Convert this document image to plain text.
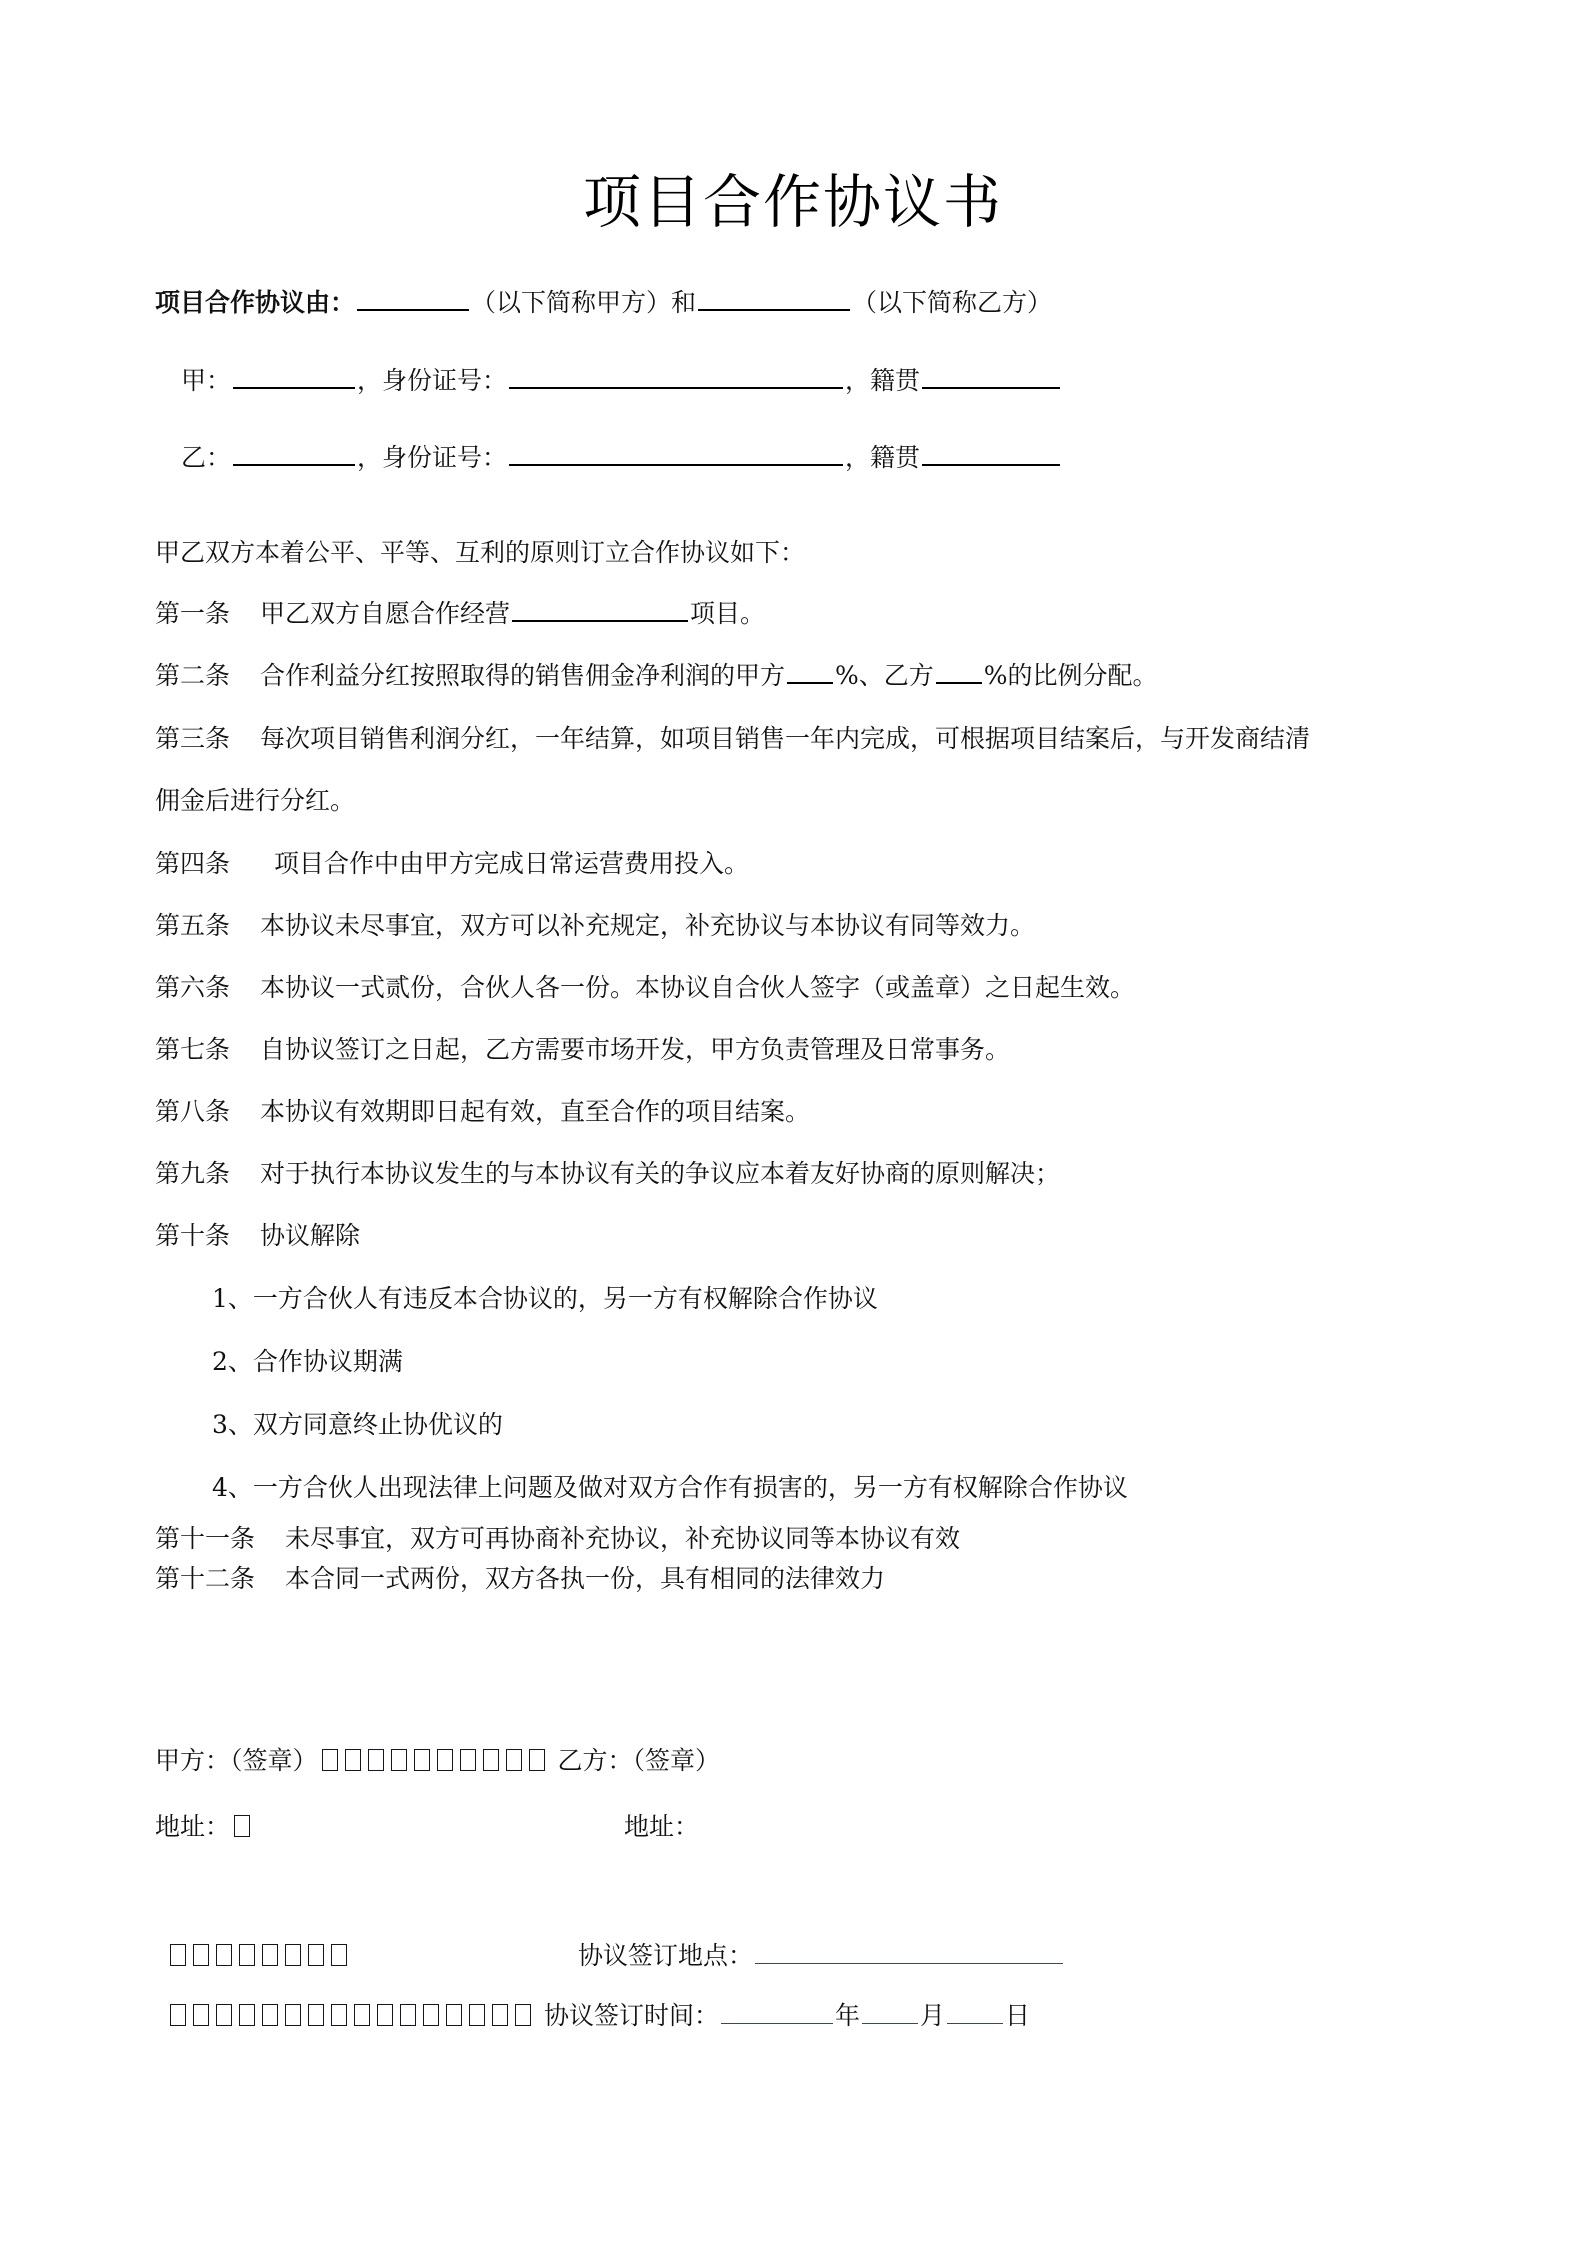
项目合作协议书
项目合作协议由：	（以下简称甲方）和	（以下简称乙方）
甲：	，身份证号：	，籍贯
乙：	，身份证号：	，籍贯
甲乙双方本着公平、平等、互利的原则订立合作协议如下：
第一条 甲乙双方自愿合作经营	项目。
第二条 合作利益分红按照取得的销售佣金净利润的甲方 %、乙方 %的比例分配。
第三条 每次项目销售利润分红，一年结算，如项目销售一年内完成，可根据项目结案后，与开发商结清
佣金后进行分红。
第四条 项目合作中由甲方完成日常运营费用投入。
第五条 本协议未尽事宜，双方可以补充规定，补充协议与本协议有同等效力。
第六条 本协议一式贰份，合伙人各一份。本协议自合伙人签字（或盖章）之日起生效。
第七条 自协议签订之日起，乙方需要市场开发，甲方负责管理及日常事务。
第八条 本协议有效期即日起有效，直至合作的项目结案。
第九条 对于执行本协议发生的与本协议有关的争议应本着友好协商的原则解决；
第十条 协议解除
1、一方合伙人有违反本合协议的，另一方有权解除合作协议
2、合作协议期满
3、双方同意终止协优议的
4、一方合伙人出现法律上问题及做对双方合作有损害的，另一方有权解除合作协议
第十一条 未尽事宜，双方可再协商补充协议，补充协议同等本协议有效
第十二条 本合同一式两份，双方各执一份，具有相同的法律效力
甲方：（签章）	乙方：（签章）
地址：	地址：
协议签订地点：
协议签订时间：	年 月 日
